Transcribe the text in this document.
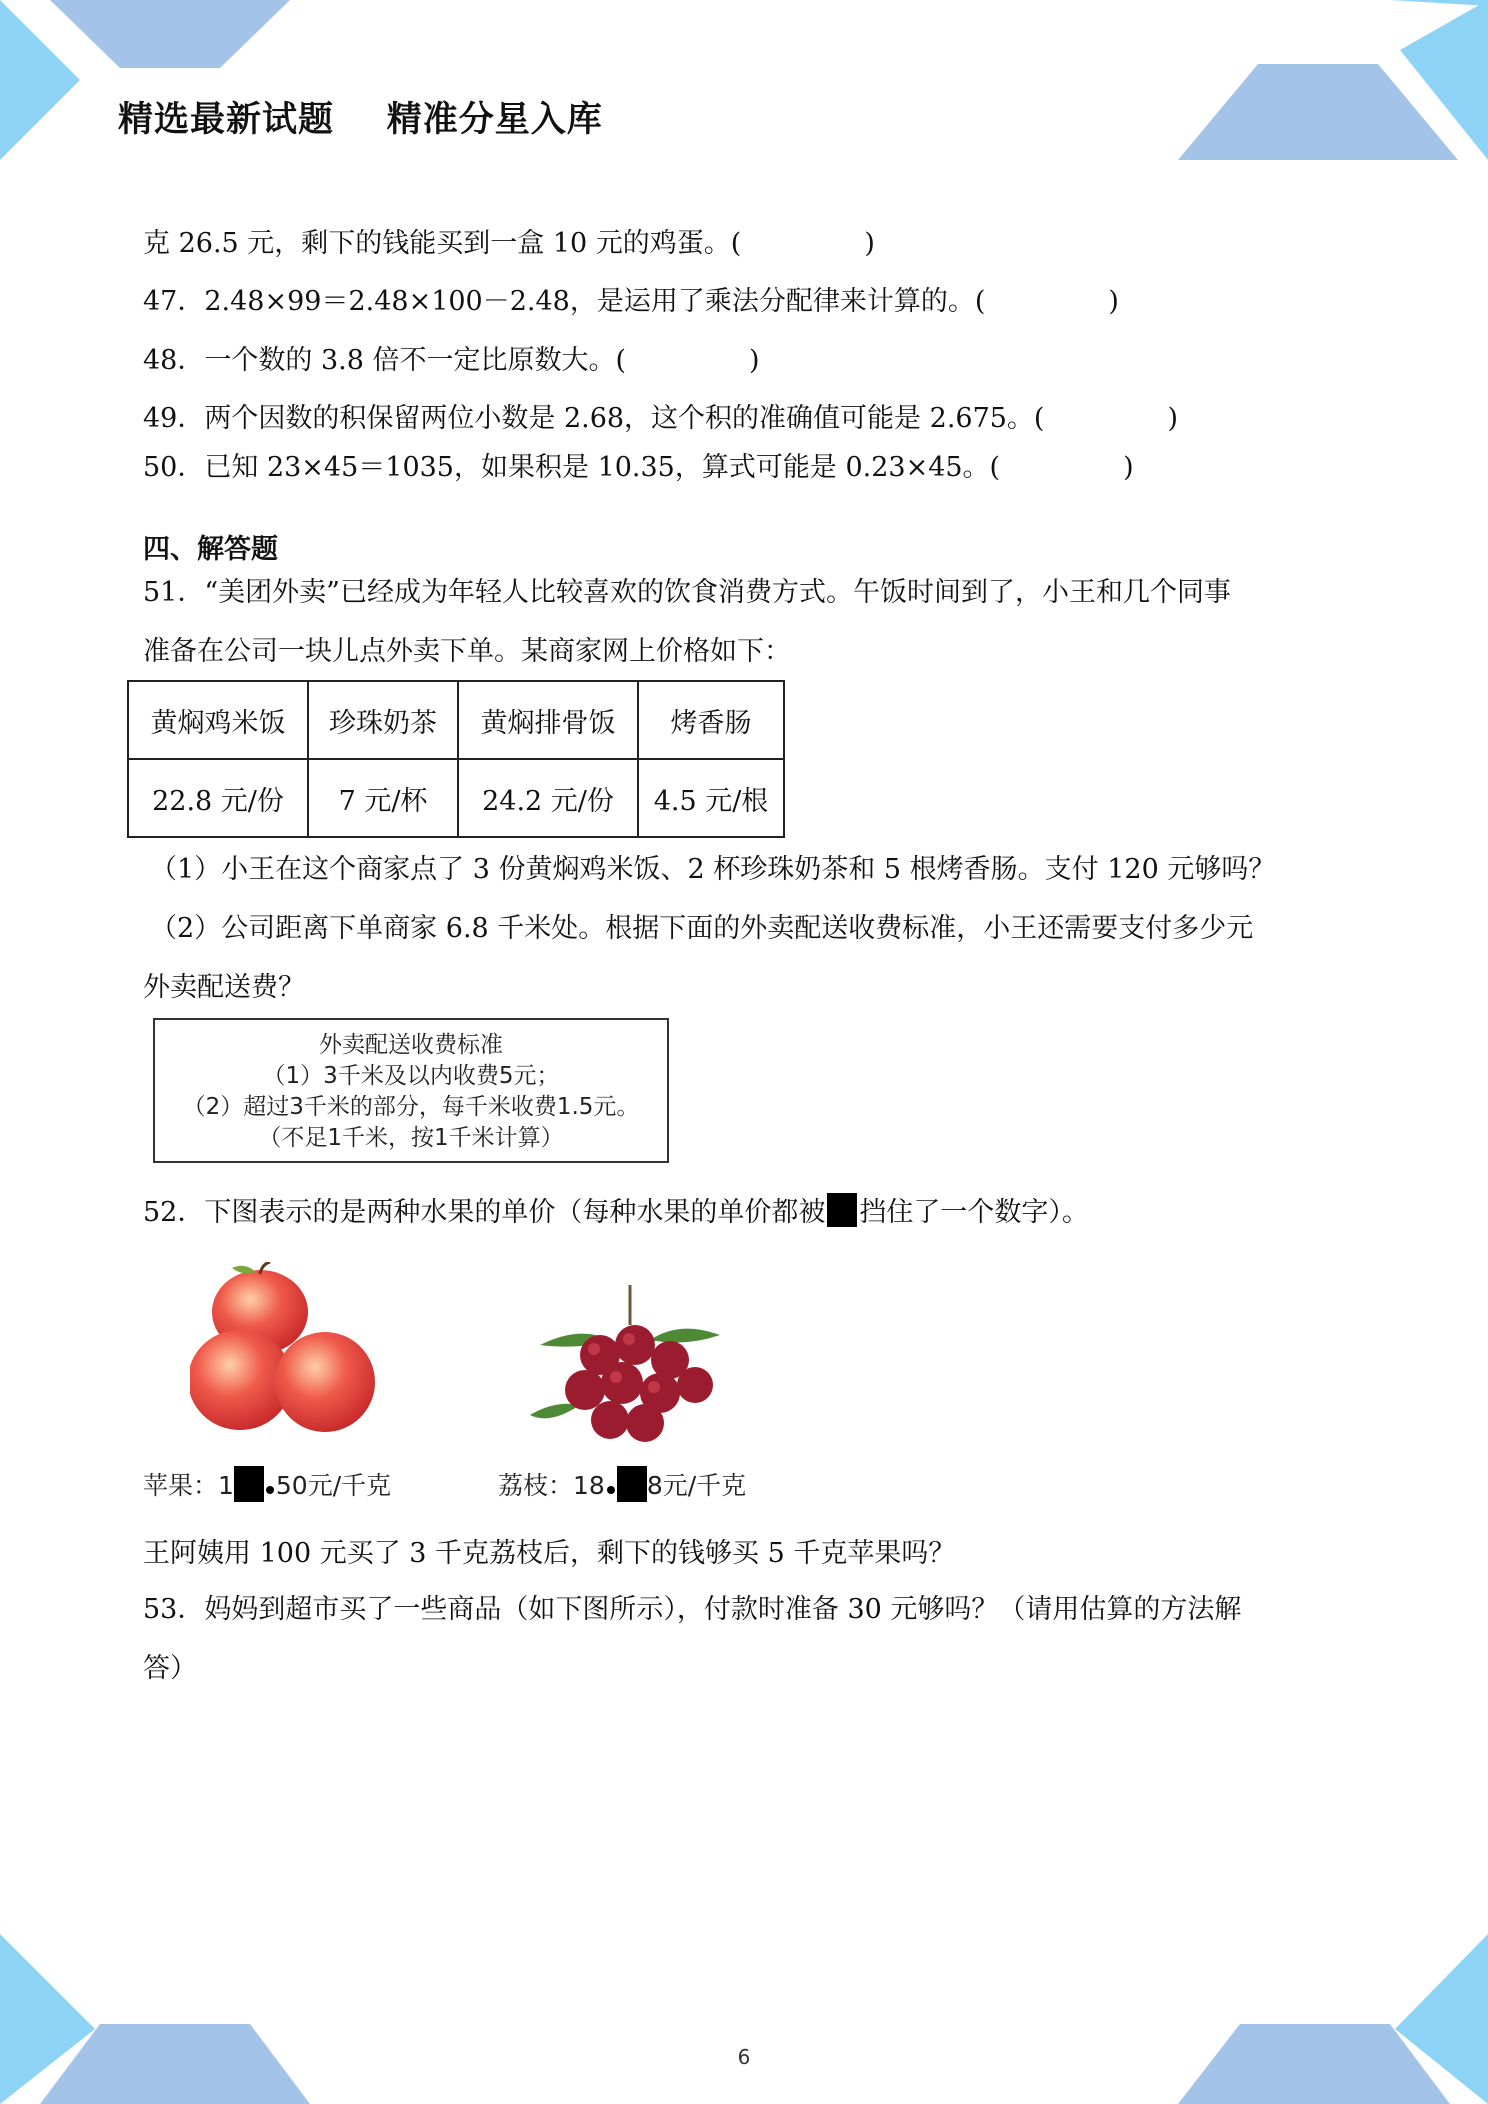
精选最新试题    精准分星入库
克 26.5 元，剩下的钱能买到一盒 10 元的鸡蛋。(	)
47．2.48×99＝2.48×100－2.48，是运用了乘法分配律来计算的。(	)
48．一个数的 3.8 倍不一定比原数大。(	)
49．两个因数的积保留两位小数是 2.68，这个积的准确值可能是 2.675。(	)
50．已知 23×45＝1035，如果积是 10.35，算式可能是 0.23×45。(	)
四、解答题
51．“美团外卖”已经成为年轻人比较喜欢的饮食消费方式。午饭时间到了，小王和几个同事
准备在公司一块儿点外卖下单。某商家网上价格如下：
黄焖鸡米饭	珍珠奶茶	黄焖排骨饭	烤香肠
22.8 元/份	7 元/杯	24.2 元/份	4.5 元/根
（1）小王在这个商家点了 3 份黄焖鸡米饭、2 杯珍珠奶茶和 5 根烤香肠。支付 120 元够吗？
（2）公司距离下单商家 6.8 千米处。根据下面的外卖配送收费标准，小王还需要支付多少元
外卖配送费？
外卖配送收费标准
（1）3千米及以内收费5元；
（2）超过3千米的部分，每千米收费1.5元。
（不足1千米，按1千米计算）
52．下图表示的是两种水果的单价（每种水果的单价都被 挡住了一个数字）。
苹果：1 50元/千克	荔枝：18 8元/千克
王阿姨用 100 元买了 3 千克荔枝后，剩下的钱够买 5 千克苹果吗？
53．妈妈到超市买了一些商品（如下图所示），付款时准备 30 元够吗？（请用估算的方法解
答）
6
